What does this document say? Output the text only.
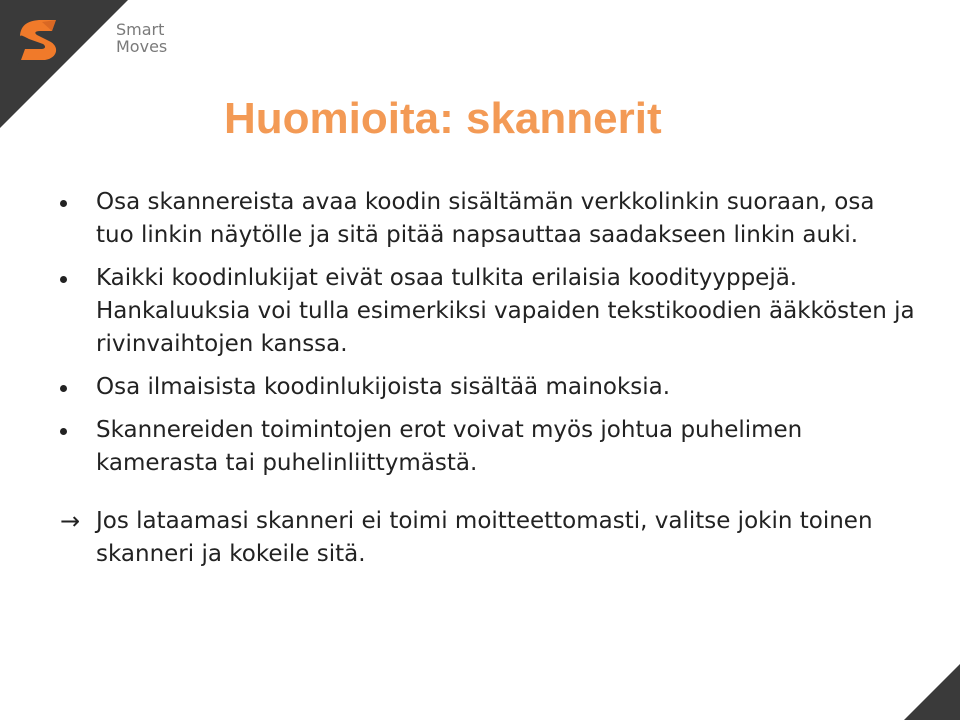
Smart
Moves
Huomioita: skannerit
Osa skannereista avaa koodin sisältämän verkkolinkin suoraan, osa tuo linkin näytölle ja sitä pitää napsauttaa saadakseen linkin auki.
Kaikki koodinlukijat eivät osaa tulkita erilaisia koodityyppejä. Hankaluuksia voi tulla esimerkiksi vapaiden tekstikoodien ääkkösten ja rivinvaihtojen kanssa.
Osa ilmaisista koodinlukijoista sisältää mainoksia.
Skannereiden toimintojen erot voivat myös johtua puhelimen kamerasta tai puhelinliittymästä.
→ Jos lataamasi skanneri ei toimi moitteettomasti, valitse jokin toinen skanneri ja kokeile sitä.
